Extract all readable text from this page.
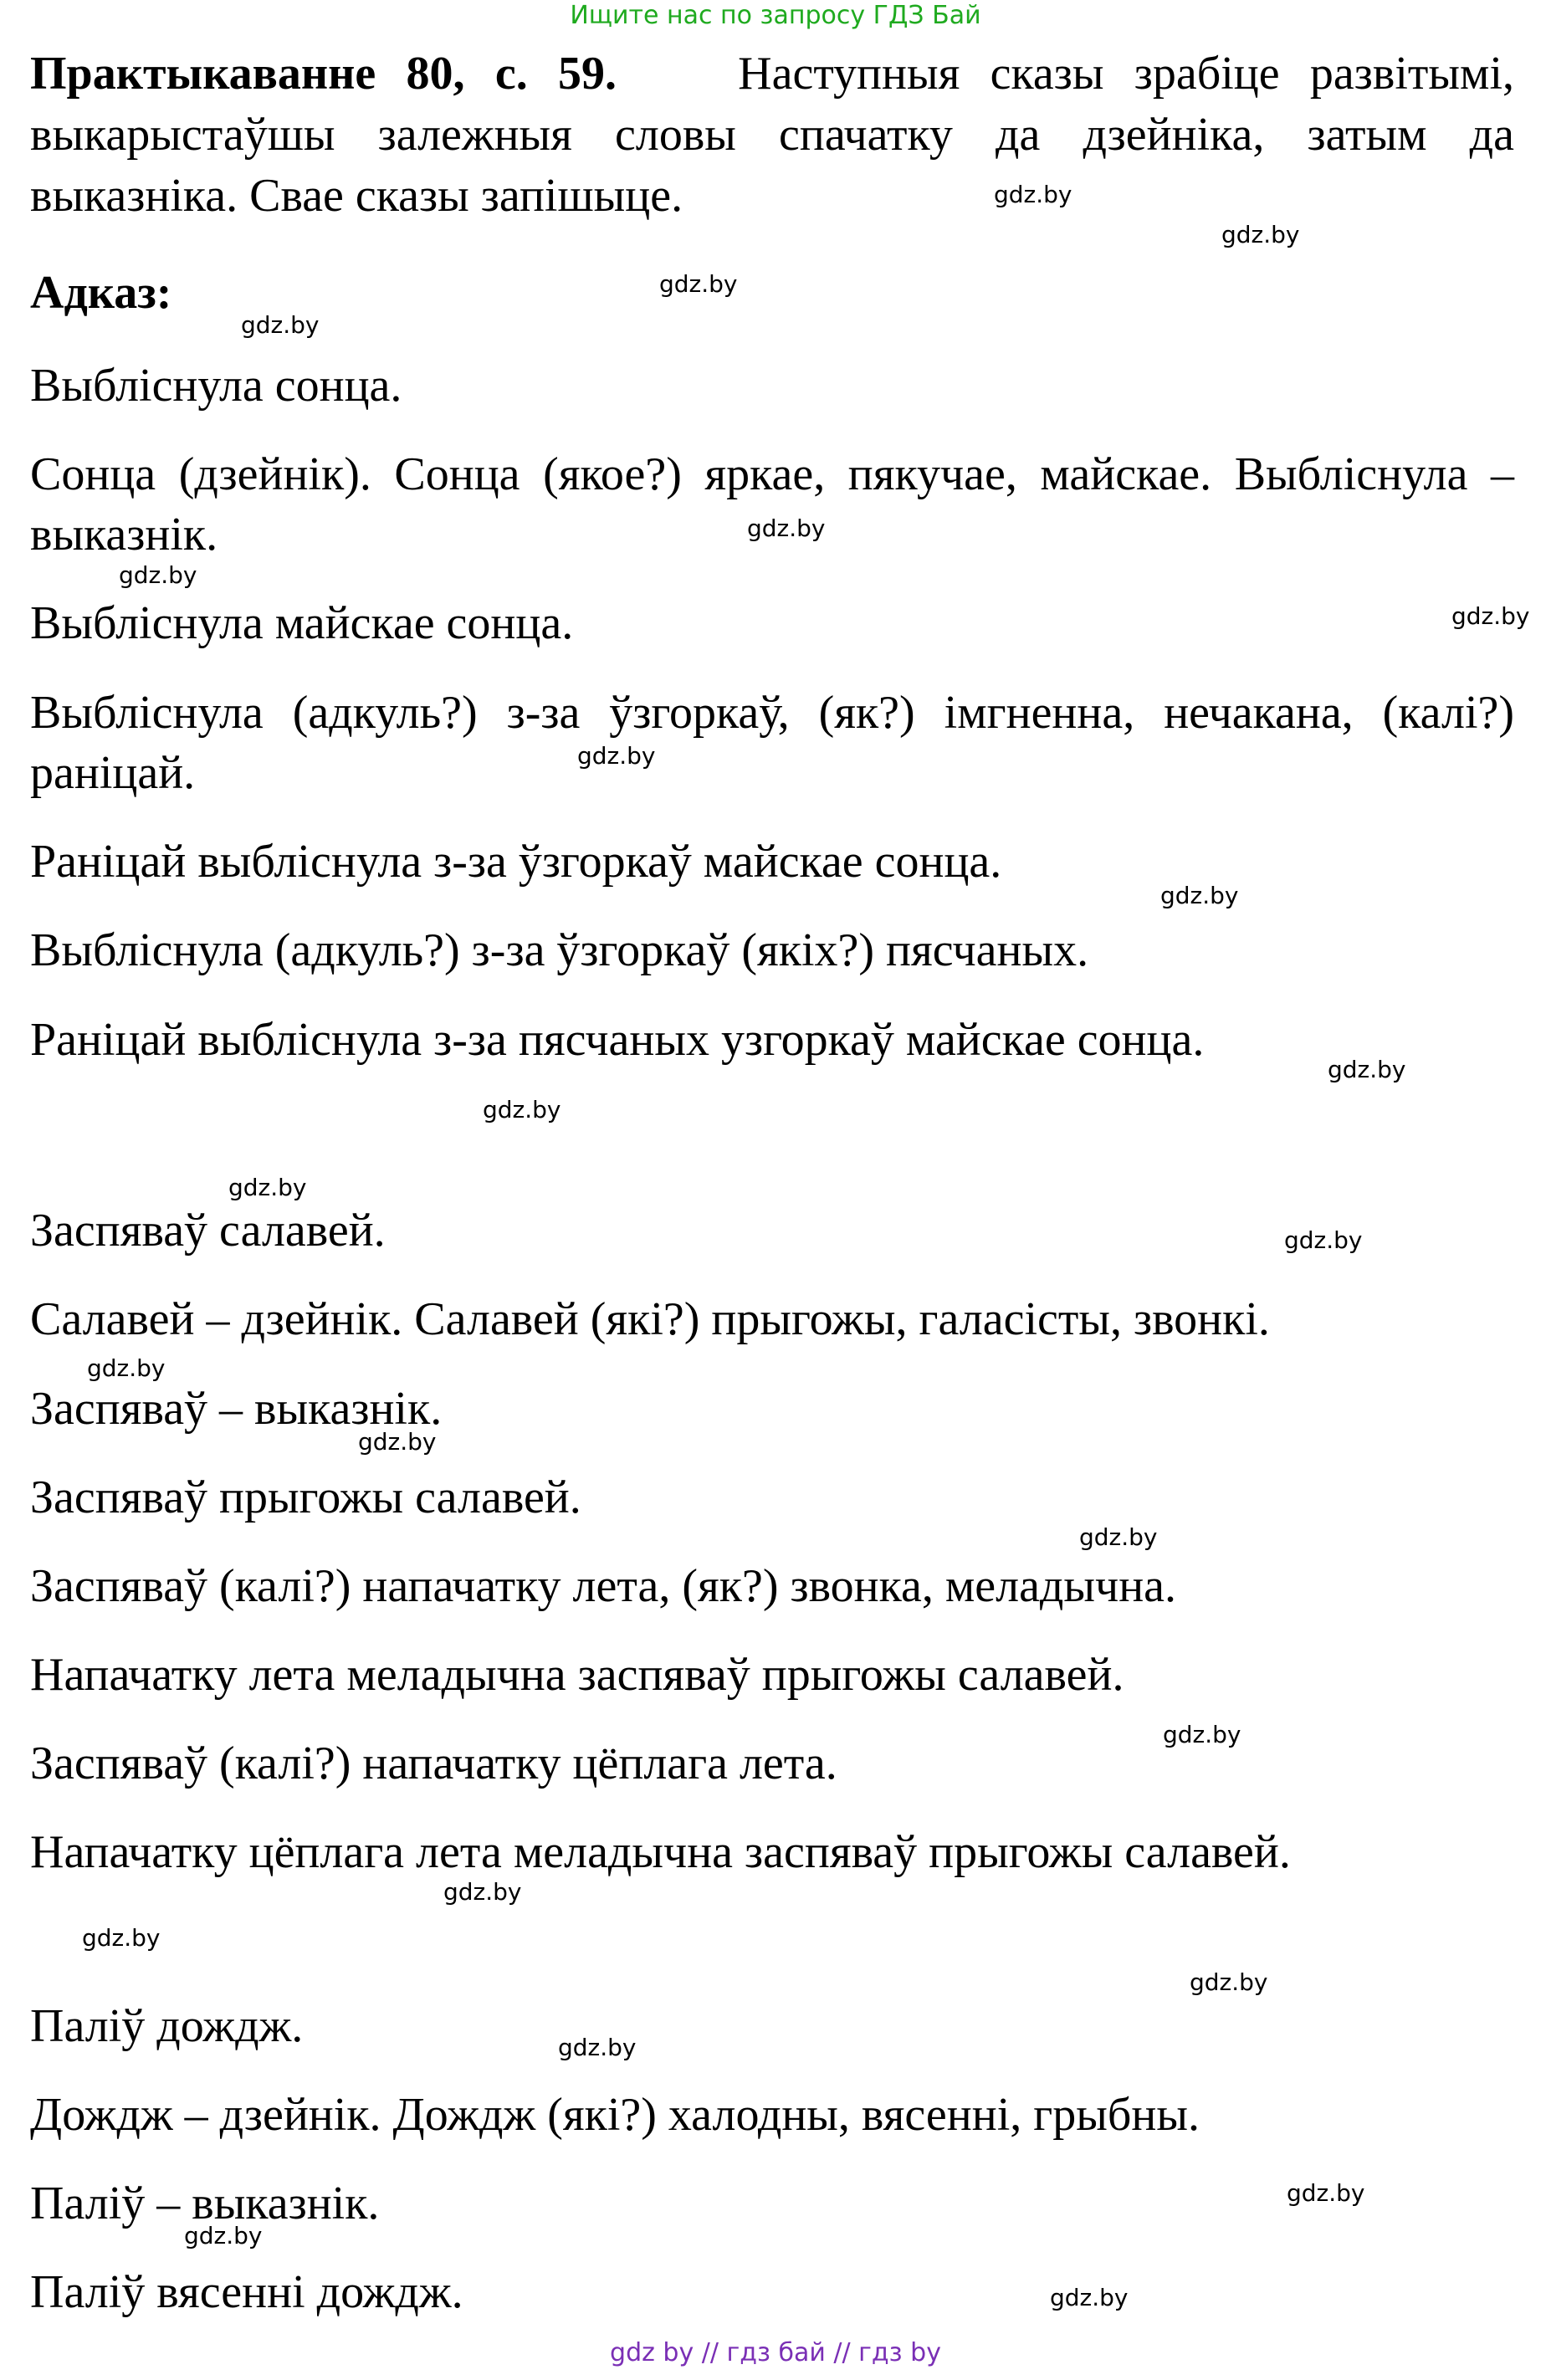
Ищите нас по запросу ГДЗ Бай

Практыкаванне 80, с. 59.	Наступныя сказы зрабіце развітымі, выкарыстаўшы залежныя словы спачатку да дзейніка, затым да выказніка. Свае сказы запішыце.

Адказ:

Выбліснула сонца.

Сонца (дзейнік). Сонца (якое?) яркае, пякучае, майскае. Выбліснула – выказнік.

Выбліснула майскае сонца.

Выбліснула (адкуль?) з-за ўзгоркаў, (як?) імгненна, нечакана, (калі?) раніцай.

Раніцай выбліснула з-за ўзгоркаў майскае сонца.

Выбліснула (адкуль?) з-за ўзгоркаў (якіх?) пясчаных.

Раніцай выбліснула з-за пясчаных узгоркаў майскае сонца.

Заспяваў салавей.

Салавей – дзейнік. Салавей (які?) прыгожы, галасісты, звонкі.

Заспяваў – выказнік.

Заспяваў прыгожы салавей.

Заспяваў (калі?) напачатку лета, (як?) звонка, меладычна.

Напачатку лета меладычна заспяваў прыгожы салавей.

Заспяваў (калі?) напачатку цёплага лета.

Напачатку цёплага лета меладычна заспяваў прыгожы салавей.

Паліў дождж.

Дождж – дзейнік. Дождж (які?) халодны, вясенні, грыбны.

Паліў – выказнік.

Паліў вясенні дождж.

gdz.by
gdz.by
gdz.by
gdz.by
gdz.by
gdz.by
gdz.by
gdz.by
gdz.by
gdz.by
gdz.by
gdz.by
gdz.by
gdz.by
gdz.by
gdz.by
gdz.by
gdz.by
gdz.by
gdz.by
gdz.by
gdz.by
gdz.by
gdz.by
gdz by // гдз бай // гдз by
